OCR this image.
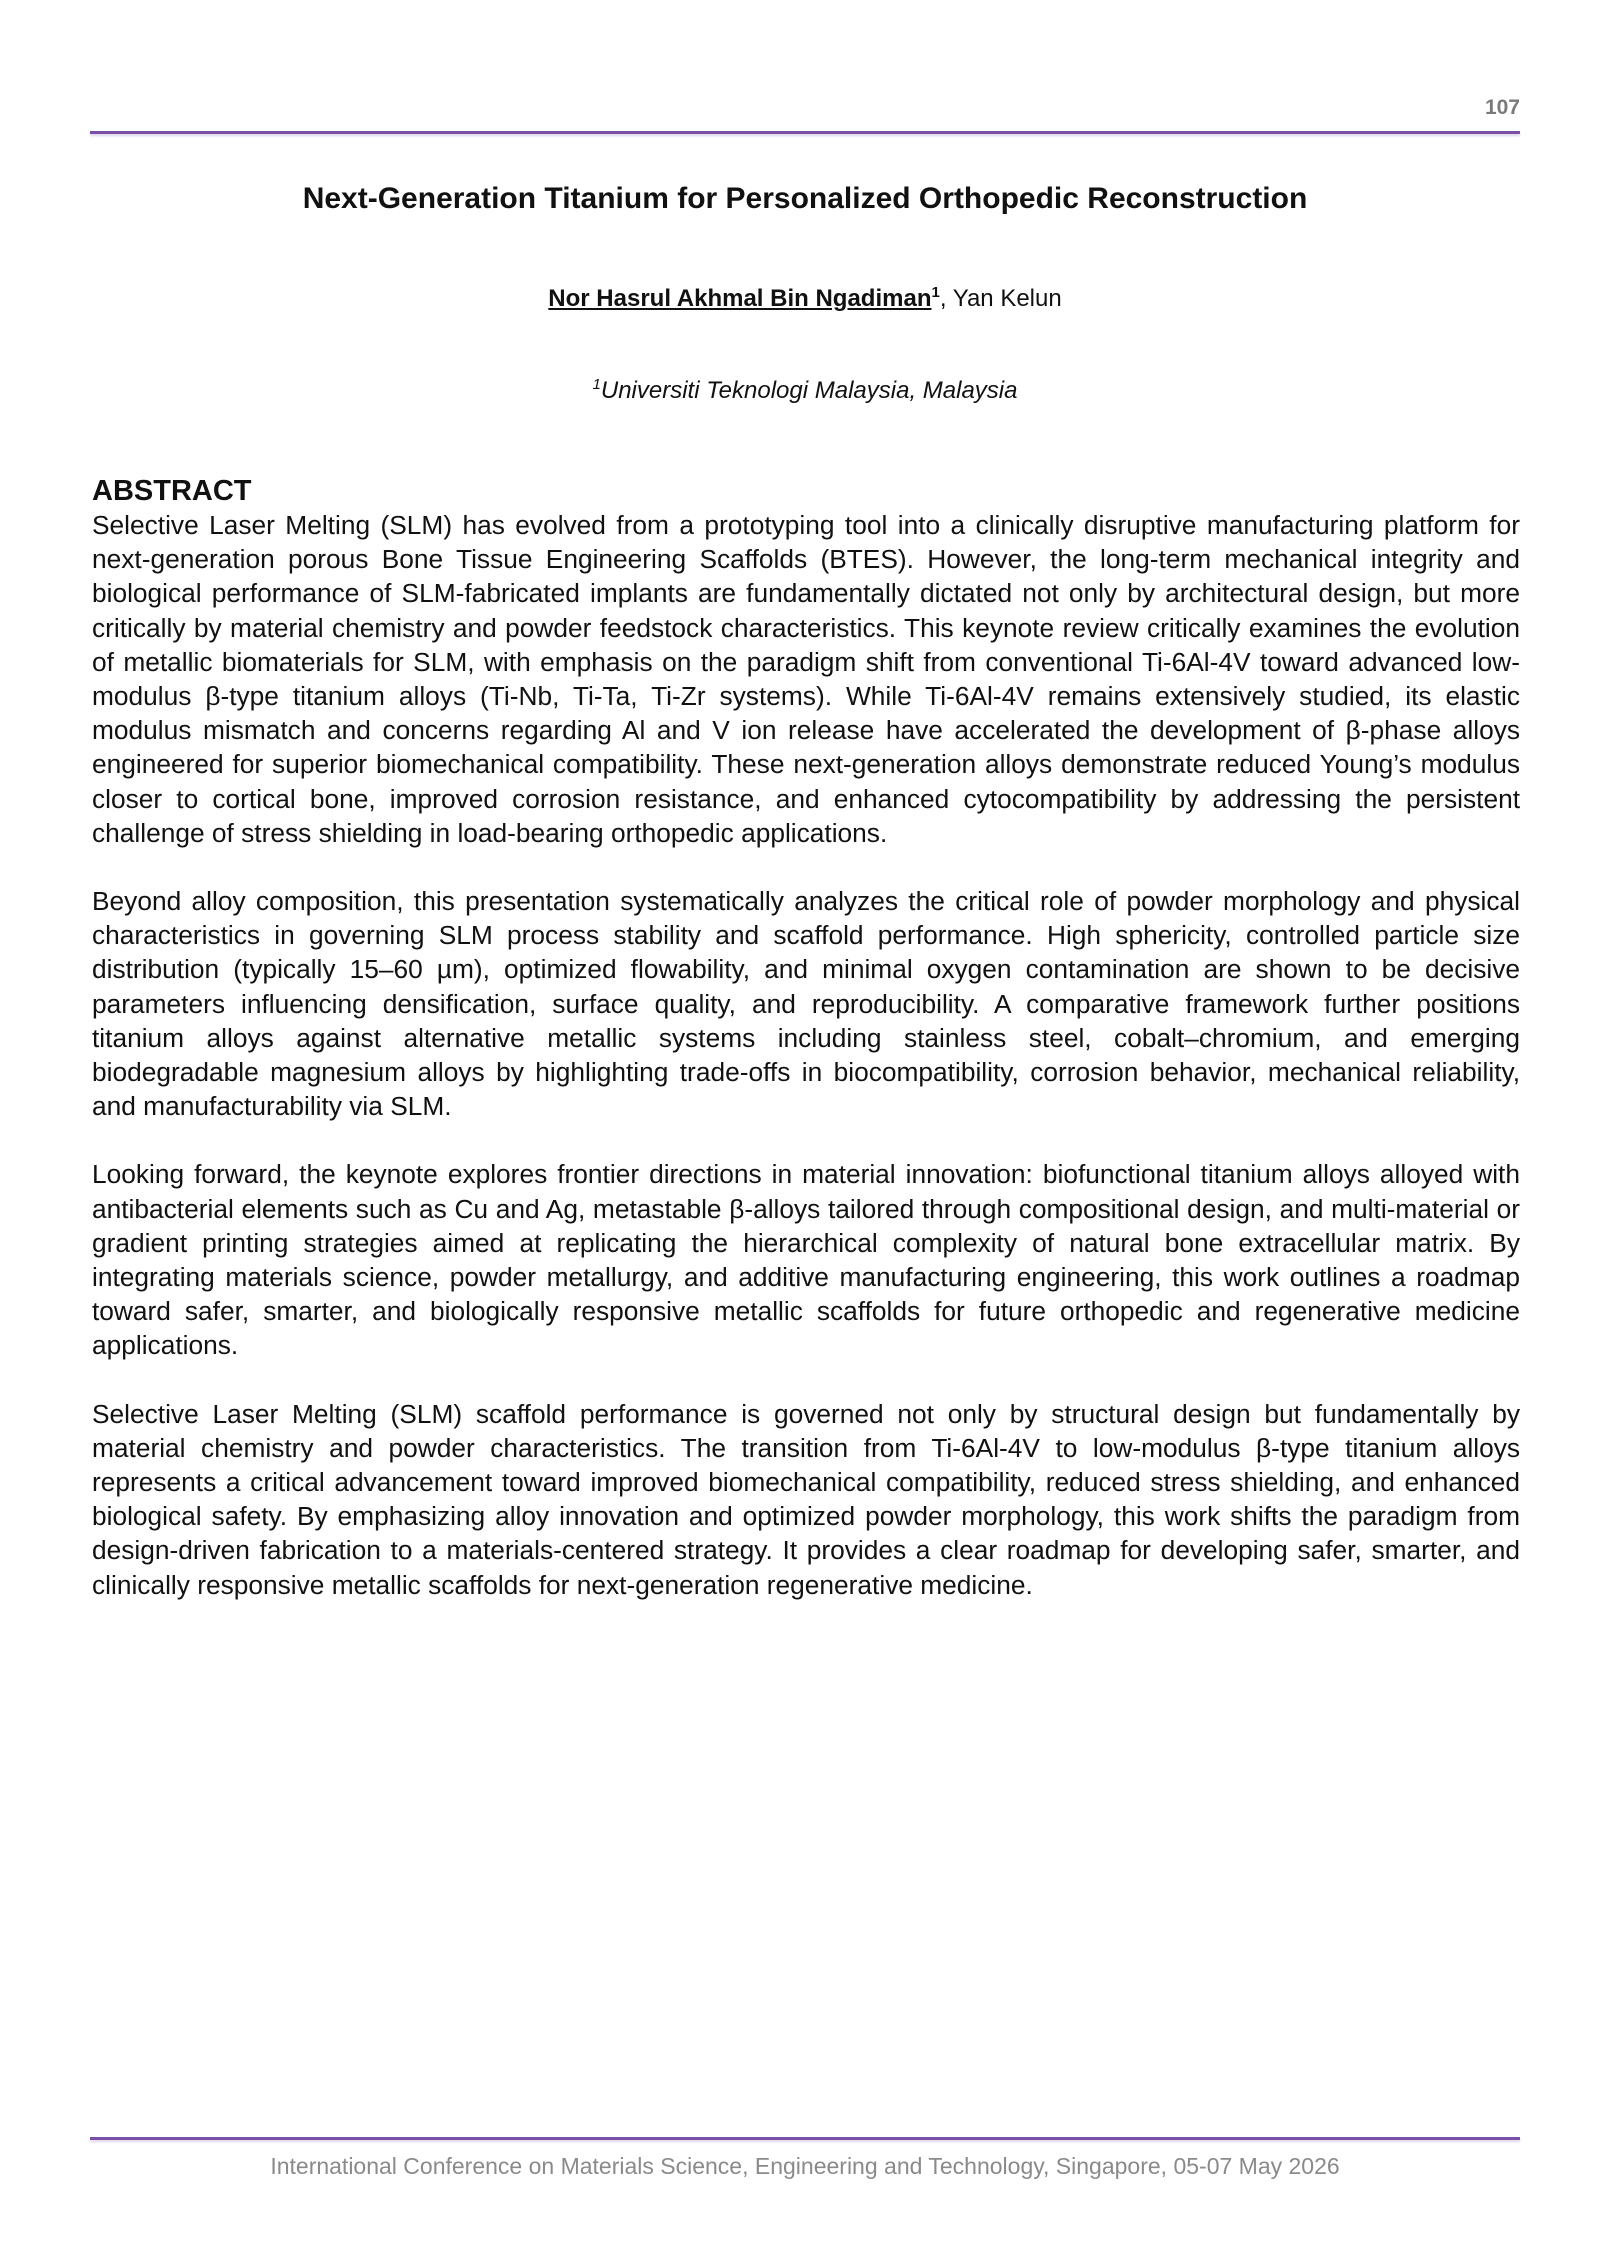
107
Next-Generation Titanium for Personalized Orthopedic Reconstruction
Nor Hasrul Akhmal Bin Ngadiman$^1$, Yan Kelun
$^1$Universiti Teknologi Malaysia, Malaysia
ABSTRACT

Selective Laser Melting (SLM) has evolved from a prototyping tool into a clinically disruptive manufacturing platform for next-generation porous Bone Tissue Engineering Scaffolds (BTES). However, the long-term mechanical integrity and biological performance of SLM-fabricated implants are fundamentally dictated not only by architectural design, but more critically by material chemistry and powder feedstock characteristics. This keynote review critically examines the evolution of metallic biomaterials for SLM, with emphasis on the paradigm shift from conventional Ti-6Al-4V toward advanced low-modulus β-type titanium alloys (Ti-Nb, Ti-Ta, Ti-Zr systems). While Ti-6Al-4V remains extensively studied, its elastic modulus mismatch and concerns regarding Al and V ion release have accelerated the development of β-phase alloys engineered for superior biomechanical compatibility. These next-generation alloys demonstrate reduced Young’s modulus closer to cortical bone, improved corrosion resistance, and enhanced cytocompatibility by addressing the persistent challenge of stress shielding in load-bearing orthopedic applications.

Beyond alloy composition, this presentation systematically analyzes the critical role of powder morphology and physical characteristics in governing SLM process stability and scaffold performance. High sphericity, controlled particle size distribution (typically 15–60 µm), optimized flowability, and minimal oxygen contamination are shown to be decisive parameters influencing densification, surface quality, and reproducibility. A comparative framework further positions titanium alloys against alternative metallic systems including stainless steel, cobalt–chromium, and emerging biodegradable magnesium alloys by highlighting trade-offs in biocompatibility, corrosion behavior, mechanical reliability, and manufacturability via SLM.

Looking forward, the keynote explores frontier directions in material innovation: biofunctional titanium alloys alloyed with antibacterial elements such as Cu and Ag, metastable β-alloys tailored through compositional design, and multi-material or gradient printing strategies aimed at replicating the hierarchical complexity of natural bone extracellular matrix. By integrating materials science, powder metallurgy, and additive manufacturing engineering, this work outlines a roadmap toward safer, smarter, and biologically responsive metallic scaffolds for future orthopedic and regenerative medicine applications.

Selective Laser Melting (SLM) scaffold performance is governed not only by structural design but fundamentally by material chemistry and powder characteristics. The transition from Ti-6Al-4V to low-modulus β-type titanium alloys represents a critical advancement toward improved biomechanical compatibility, reduced stress shielding, and enhanced biological safety. By emphasizing alloy innovation and optimized powder morphology, this work shifts the paradigm from design-driven fabrication to a materials-centered strategy. It provides a clear roadmap for developing safer, smarter, and clinically responsive metallic scaffolds for next-generation regenerative medicine.

International Conference on Materials Science, Engineering and Technology, Singapore, 05-07 May 2026
